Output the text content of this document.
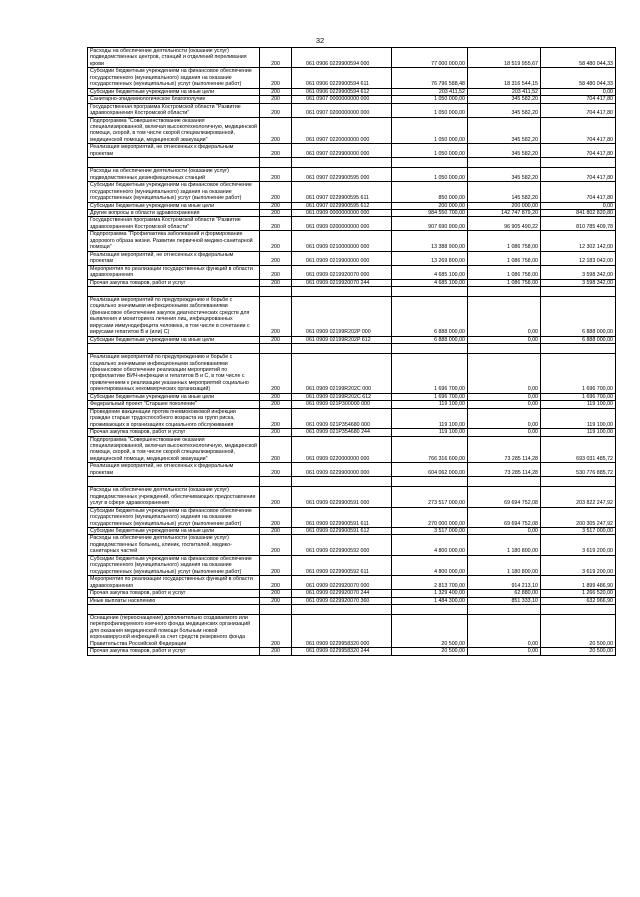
32
Расходы на обеспечение деятельности (оказание услуг) подведомственных центров, станций и отделений переливания крови	200	061 0906 0229900594 000	77 000 000,00	18 519 955,67	58 480 044,33
Субсидии бюджетным учреждениям на финансовое обеспечение государственного (муниципального) задания на оказание государственных (муниципальных) услуг (выполнение работ)	200	061 0906 0229900594 611	76 796 588,48	18 316 544,15	58 480 044,33
Субсидии бюджетным учреждениям на иные цели	200	061 0906 0229900594 612	203 411,52	203 411,52	0,00
Санитарно-эпидемиологическое благополучие	200	061 0907 0000000000 000	1 050 000,00	345 582,20	704 417,80
Государственная программа Костромской области "Развитие здравоохранения Костромской области"	200	061 0907 0200000000 000	1 050 000,00	345 582,20	704 417,80
Подпрограмма "Совершенствование оказания специализированной, включая высокотехнологичную, медицинской помощи, скорой, в том числе скорой специализированной, медицинской помощи, медицинской эвакуации"	200	061 0907 0220000000 000	1 050 000,00	345 582,20	704 417,80
Реализация мероприятий, не отнесенных к федеральным проектам	200	061 0907 0229900000 000	1 050 000,00	345 582,20	704 417,80

Расходы на обеспечение деятельности (оказание услуг) подведомственных дезинфекционных станций	200	061 0907 0229900595 000	1 050 000,00	345 582,20	704 417,80
Субсидии бюджетным учреждениям на финансовое обеспечение государственного (муниципального) задания на оказание государственных (муниципальных) услуг (выполнение работ)	200	061 0907 0229900595 611	850 000,00	145 582,20	704 417,80
Субсидии бюджетным учреждениям на иные цели	200	061 0907 0229900595 612	200 000,00	200 000,00	0,00
Другие вопросы в области здравоохранения	200	061 0909 0000000000 000	984 550 700,00	142 747 879,20	841 802 820,80
Государственная программа Костромской области "Развитие здравоохранения Костромской области"	200	061 0909 0200000000 000	907 690 900,00	96 905 490,22	810 785 409,78
Подпрограмма "Профилактика заболеваний и формирование здорового образа жизни. Развитие первичной медико-санитарной помощи"	200	061 0909 0210000000 000	13 388 900,00	1 086 758,00	12 302 142,00
Реализация мероприятий, не отнесенных к федеральным проектам	200	061 0909 0219900000 000	13 269 800,00	1 086 758,00	12 183 042,00
Мероприятия по реализации государственных функций в области здравоохранения	200	061 0909 0219920070 000	4 685 100,00	1 086 758,00	3 598 342,00
Прочая закупка товаров, работ и услуг	200	061 0909 0219920070 244	4 685 100,00	1 086 758,00	3 598 342,00

Реализация мероприятий по предупреждению и борьбе с социально значимыми инфекционными заболеваниями (финансовое обеспечение закупок диагностических средств для выявления и мониторинга лечения лиц, инфицированных вирусами иммунодефицита человека, в том числе в сочетании с вирусами гепатитов В и (или) С)	200	061 0909 02199R202P 000	6 888 000,00	0,00	6 888 000,00
Субсидии бюджетным учреждениям на иные цели	200	061 0909 02199R202P 612	6 888 000,00	0,00	6 888 000,00

Реализация мероприятий по предупреждению и борьбе с социально значимыми инфекционными заболеваниями (финансовое обеспечение реализации мероприятий по профилактике ВИЧ-инфекции и гепатитов В и С, в том числе с привлечением к реализации указанных мероприятий социально ориентированных некоммерческих организаций)	200	061 0909 02199R202С 000	1 696 700,00	0,00	1 696 700,00
Субсидии бюджетным учреждениям на иные цели	200	061 0909 02199R202С 612	1 696 700,00	0,00	1 696 700,00
Федеральный проект "Старшее поколение"	200	061 0909 021P300000 000	119 100,00	0,00	119 100,00
Проведение вакцинации против пневмококковой инфекции граждан старше трудоспособного возраста из групп риска, проживающих в организациях социального обслуживания	200	061 0909 021P354680 000	119 100,00	0,00	119 100,00
Прочая закупка товаров, работ и услуг	200	061 0909 021P354680 244	119 100,00	0,00	119 100,00
Подпрограмма "Совершенствование оказания специализированной, включая высокотехнологичную, медицинской помощи, скорой, в том числе скорой специализированной, медицинской помощи, медицинской эвакуации"	200	061 0909 0220000000 000	766 316 600,00	73 285 114,28	693 031 485,72
Реализация мероприятий, не отнесенных к федеральным проектам	200	061 0909 0229900000 000	604 062 000,00	73 285 114,28	530 776 885,72

Расходы на обеспечение деятельности (оказание услуг) подведомственных учреждений, обеспечивающих предоставление услуг в сфере здравоохранения	200	061 0909 0229900591 000	273 517 000,00	69 694 752,08	203 822 247,92
Субсидии бюджетным учреждениям на финансовое обеспечение государственного (муниципального) задания на оказание государственных (муниципальных) услуг (выполнение работ)	200	061 0909 0229900591 611	270 000 000,00	69 694 752,08	200 305 247,92
Субсидии бюджетным учреждениям на иные цели	200	061 0909 0229900591 612	3 517 000,00	0,00	3 517 000,00
Расходы на обеспечение деятельности (оказание услуг) подведомственных больниц, клиник, госпиталей, медико-санитарных частей	200	061 0909 0229900592 000	4 800 000,00	1 180 800,00	3 619 200,00
Субсидии бюджетным учреждениям на финансовое обеспечение государственного (муниципального) задания на оказание государственных (муниципальных) услуг (выполнение работ)	200	061 0909 0229900592 611	4 800 000,00	1 180 800,00	3 619 200,00
Мероприятия по реализации государственных функций в области здравоохранения	200	061 0909 0229920070 000	2 813 700,00	914 213,10	1 899 486,90
Прочая закупка товаров, работ и услуг	200	061 0909 0229920070 244	1 329 400,00	62 880,00	1 266 520,00
Иные выплаты населению	200	061 0909 0229920070 360	1 484 300,00	851 333,10	632 966,90

Оснащение (переоснащение) дополнительно создаваемого или перепрофилируемого коечного фонда медицинских организаций для оказания медицинской помощи больным новой коронавирусной инфекцией за счет средств резервного фонда Правительства Российской Федерации	200	061 0909 0229958320 000	20 500,00	0,00	20 500,00
Прочая закупка товаров, работ и услуг	200	061 0909 0229958320 244	20 500,00	0,00	20 500,00
